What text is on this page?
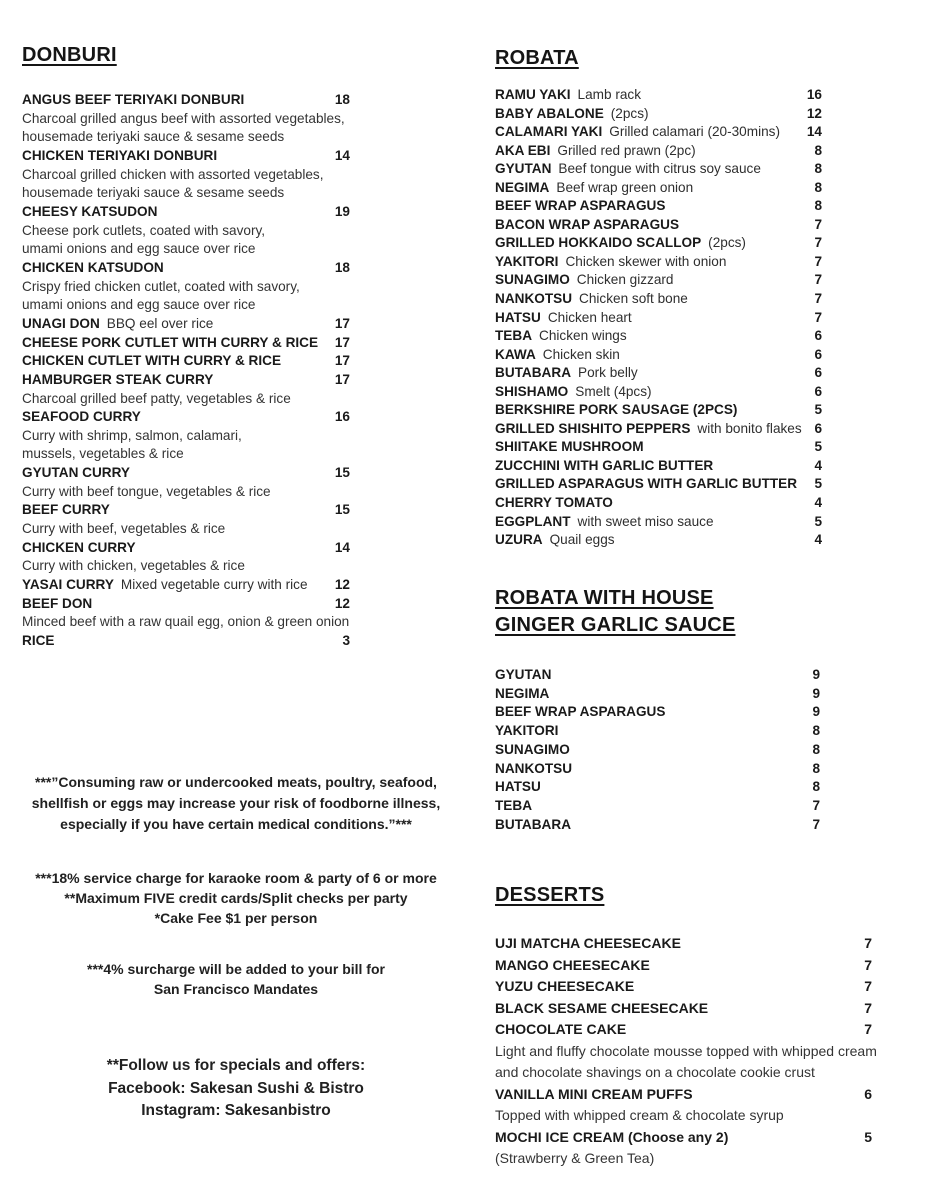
DONBURI
ANGUS BEEF TERIYAKI DONBURI	18
Charcoal grilled angus beef with assorted vegetables,
housemade teriyaki sauce & sesame seeds
CHICKEN TERIYAKI DONBURI	14
Charcoal grilled chicken with assorted vegetables,
housemade teriyaki sauce & sesame seeds
CHEESY KATSUDON	19
Cheese pork cutlets, coated with savory,
umami onions and egg sauce over rice
CHICKEN KATSUDON	18
Crispy fried chicken cutlet, coated with savory,
umami onions and egg sauce over rice
UNAGI DON BBQ eel over rice	17
CHEESE PORK CUTLET WITH CURRY & RICE 17
CHICKEN CUTLET WITH CURRY & RICE	17
HAMBURGER STEAK CURRY	17
Charcoal grilled beef patty, vegetables & rice
SEAFOOD CURRY	16
Curry with shrimp, salmon, calamari,
mussels, vegetables & rice
GYUTAN CURRY	15
Curry with beef tongue, vegetables & rice
BEEF CURRY	15
Curry with beef, vegetables & rice
CHICKEN CURRY	14
Curry with chicken, vegetables & rice
YASAI CURRY Mixed vegetable curry with rice 12
BEEF DON	12
Minced beef with a raw quail egg, onion & green onion
RICE	3
***”Consuming raw or undercooked meats, poultry, seafood,
shellfish or eggs may increase your risk of foodborne illness,
especially if you have certain medical conditions.”***
***18% service charge for karaoke room & party of 6 or more
**Maximum FIVE credit cards/Split checks per party
*Cake Fee $1 per person
***4% surcharge will be added to your bill for
San Francisco Mandates
**Follow us for specials and offers:
Facebook: Sakesan Sushi & Bistro
Instagram: Sakesanbistro
ROBATA
RAMU YAKI Lamb rack	16
BABY ABALONE (2pcs)	12
CALAMARI YAKI Grilled calamari (20-30mins) 14
AKA EBI Grilled red prawn (2pc)	8
GYUTAN Beef tongue with citrus soy sauce	8
NEGIMA Beef wrap green onion	8
BEEF WRAP ASPARAGUS	8
BACON WRAP ASPARAGUS	7
GRILLED HOKKAIDO SCALLOP (2pcs)	7
YAKITORI Chicken skewer with onion	7
SUNAGIMO Chicken gizzard	7
NANKOTSU Chicken soft bone	7
HATSU Chicken heart	7
TEBA Chicken wings	6
KAWA Chicken skin	6
BUTABARA Pork belly	6
SHISHAMO Smelt (4pcs)	6
BERKSHIRE PORK SAUSAGE (2PCS)	5
GRILLED SHISHITO PEPPERS with bonito flakes 6
SHIITAKE MUSHROOM	5
ZUCCHINI WITH GARLIC BUTTER	4
GRILLED ASPARAGUS WITH GARLIC BUTTER 5
CHERRY TOMATO	4
EGGPLANT with sweet miso sauce	5
UZURA Quail eggs	4
ROBATA WITH HOUSE
GINGER GARLIC SAUCE
GYUTAN	9
NEGIMA	9
BEEF WRAP ASPARAGUS	9
YAKITORI	8
SUNAGIMO	8
NANKOTSU	8
HATSU	8
TEBA	7
BUTABARA	7
DESSERTS
UJI MATCHA CHEESECAKE	7
MANGO CHEESECAKE	7
YUZU CHEESECAKE	7
BLACK SESAME CHEESECAKE	7
CHOCOLATE CAKE	7
Light and fluffy chocolate mousse topped with whipped cream
and chocolate shavings on a chocolate cookie crust
VANILLA MINI CREAM PUFFS	6
Topped with whipped cream & chocolate syrup
MOCHI ICE CREAM (Choose any 2)	5
(Strawberry & Green Tea)
